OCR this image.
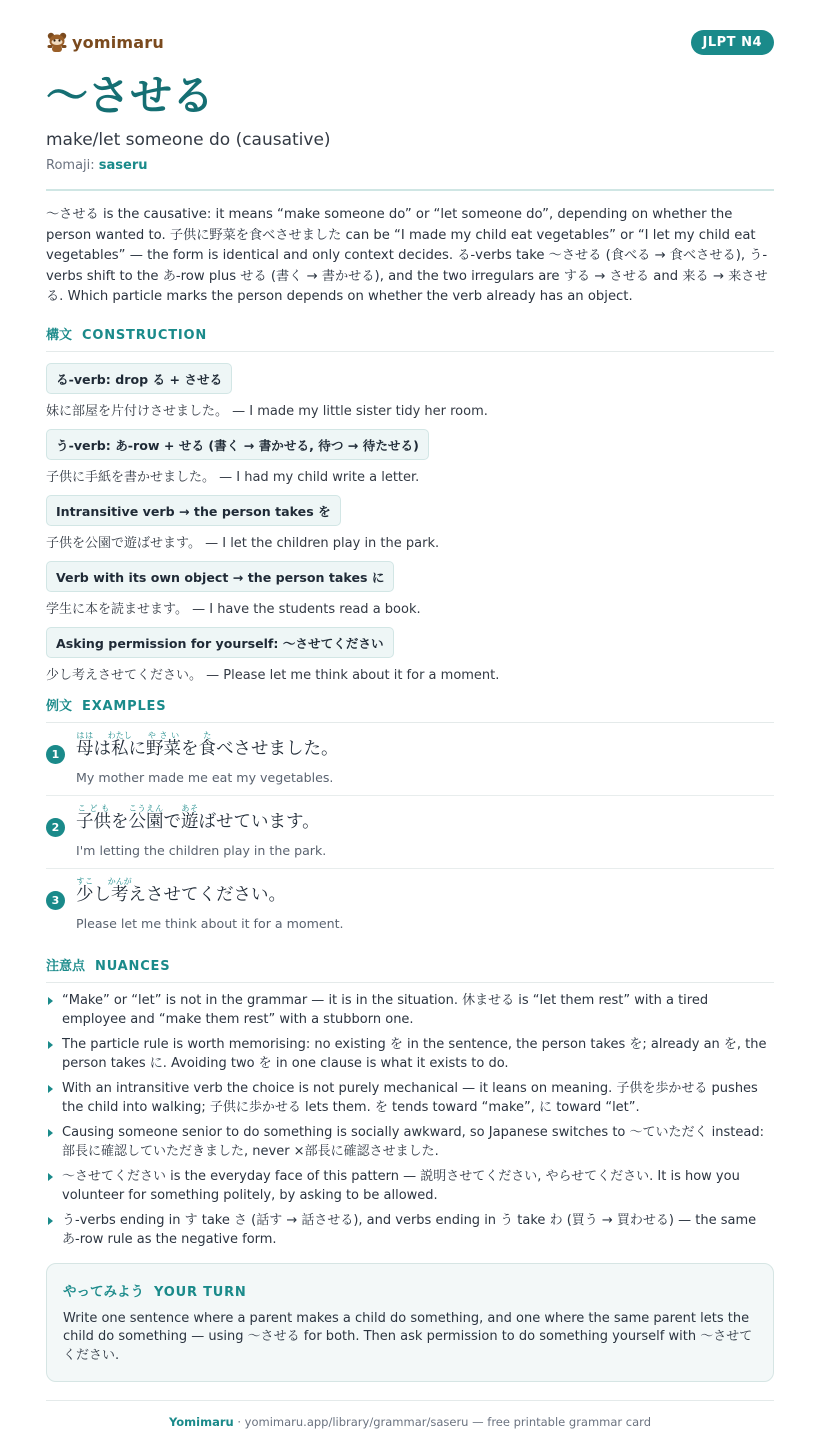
yomimaru	JLPT N4
〜させる
make/let someone do (causative)
Romaji: saseru

〜させる is the causative: it means “make someone do” or “let someone do”, depending on whether the person wanted to. 子供に野菜を食べさせました can be “I made my child eat vegetables” or “I let my child eat vegetables” — the form is identical and only context decides. る-verbs take 〜させる (食べる → 食べさせる), う-verbs shift to the あ-row plus せる (書く → 書かせる), and the two irregulars are する → させる and 来る → 来させる. Which particle marks the person depends on whether the verb already has an object.

構文 CONSTRUCTION
る-verb: drop る + させる
妹に部屋を片付けさせました。 — I made my little sister tidy her room.
う-verb: あ-row + せる (書く → 書かせる, 待つ → 待たせる)
子供に手紙を書かせました。 — I had my child write a letter.
Intransitive verb → the person takes を
子供を公園で遊ばせます。 — I let the children play in the park.
Verb with its own object → the person takes に
学生に本を読ませます。 — I have the students read a book.
Asking permission for yourself: 〜させてください
少し考えさせてください。 — Please let me think about it for a moment.
例文 EXAMPLES
1 母ははは私わたしに野菜やさいを食たべさせました。
My mother made me eat my vegetables.
2 子供こどもを公園こうえんで遊あそばせています。
I'm letting the children play in the park.
3 少すこし考かんがえさせてください。
Please let me think about it for a moment.
注意点 NUANCES
“Make” or “let” is not in the grammar — it is in the situation. 休ませる is “let them rest” with a tired employee and “make them rest” with a stubborn one.
The particle rule is worth memorising: no existing を in the sentence, the person takes を; already an を, the person takes に. Avoiding two を in one clause is what it exists to do.
With an intransitive verb the choice is not purely mechanical — it leans on meaning. 子供を歩かせる pushes the child into walking; 子供に歩かせる lets them. を tends toward “make”, に toward “let”.
Causing someone senior to do something is socially awkward, so Japanese switches to 〜ていただく instead: 部長に確認していただきました, never ×部長に確認させました.
〜させてください is the everyday face of this pattern — 説明させてください, やらせてください. It is how you volunteer for something politely, by asking to be allowed.
う-verbs ending in す take さ (話す → 話させる), and verbs ending in う take わ (買う → 買わせる) — the same あ-row rule as the negative form.
やってみよう YOUR TURN
Write one sentence where a parent makes a child do something, and one where the same parent lets the child do something — using 〜させる for both. Then ask permission to do something yourself with 〜させてください.
Yomimaru · yomimaru.app/library/grammar/saseru — free printable grammar card
